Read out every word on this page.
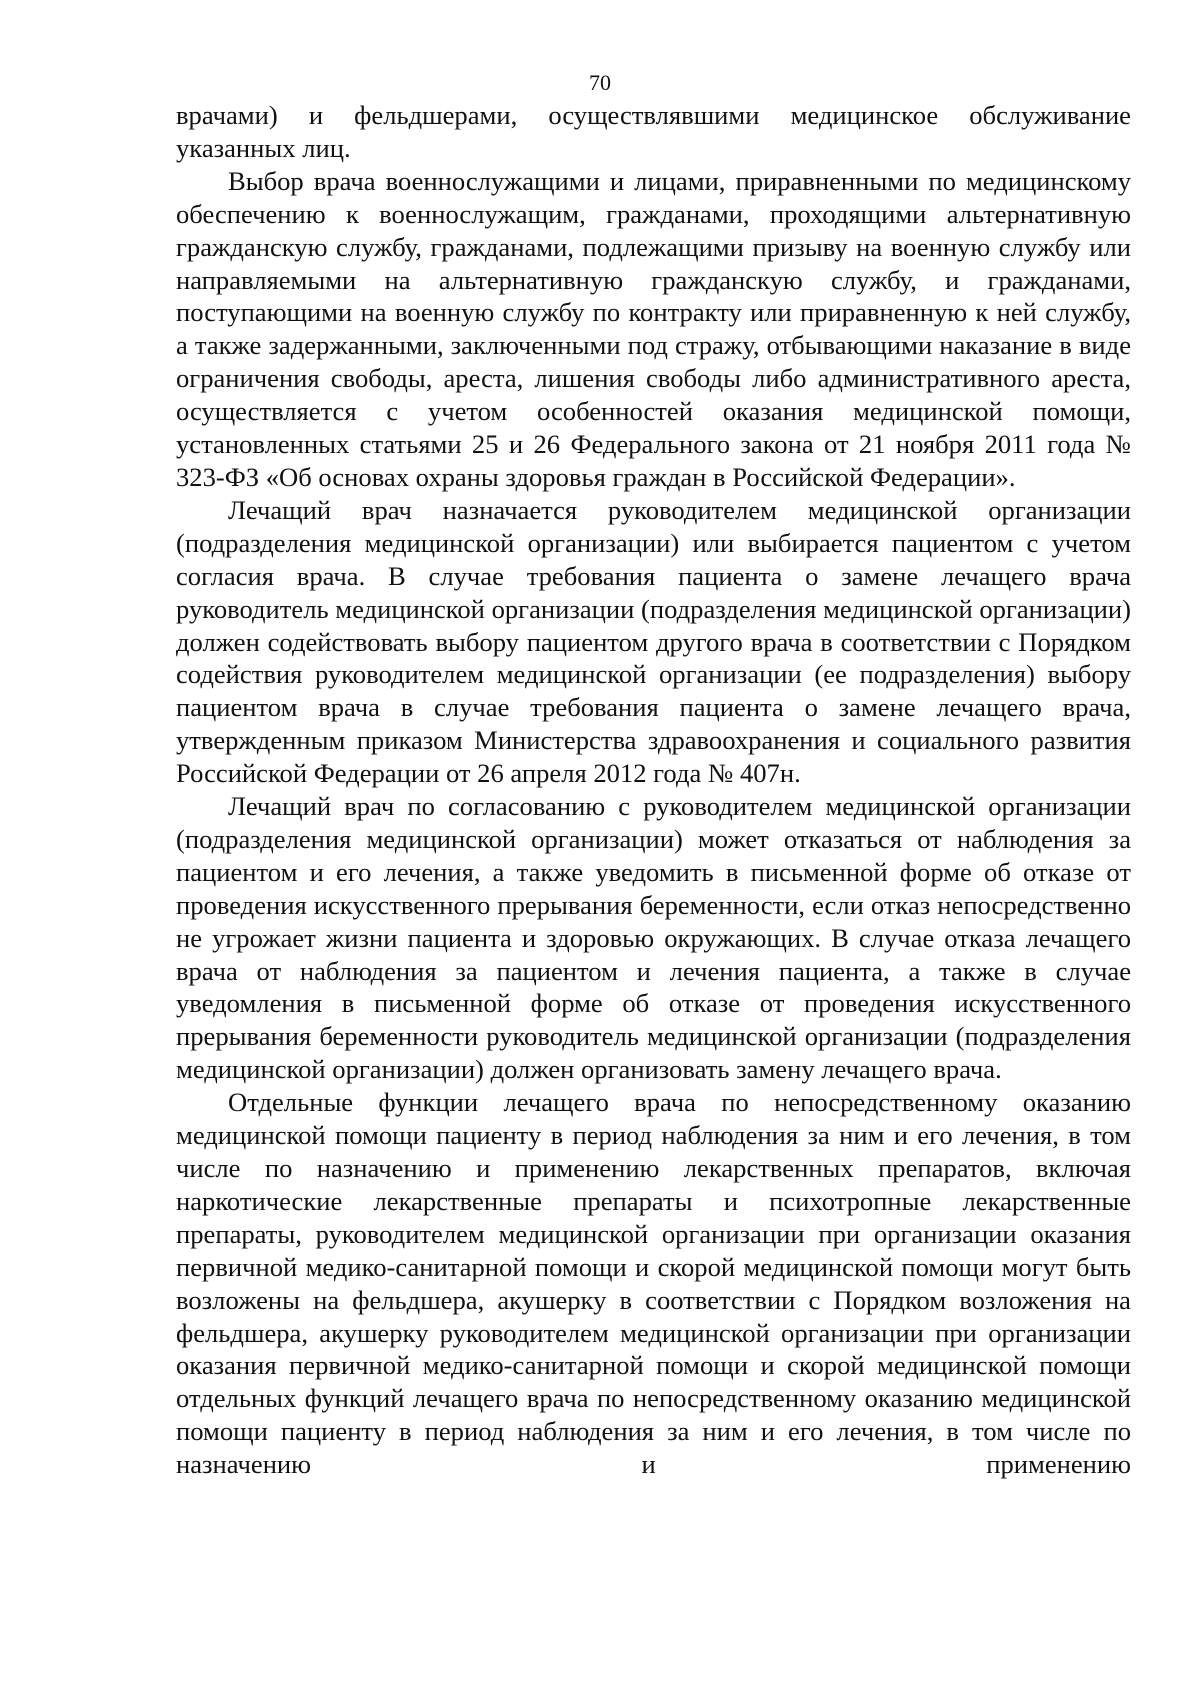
70

врачами) и фельдшерами, осуществлявшими медицинское обслуживание указанных лиц.

Выбор врача военнослужащими и лицами, приравненными по медицинскому обеспечению к военнослужащим, гражданами, проходящими альтернативную гражданскую службу, гражданами, подлежащими призыву на военную службу или направляемыми на альтернативную гражданскую службу, и гражданами, поступающими на военную службу по контракту или приравненную к ней службу, а также задержанными, заключенными под стражу, отбывающими наказание в виде ограничения свободы, ареста, лишения свободы либо административного ареста, осуществляется с учетом особенностей оказания медицинской помощи, установленных статьями 25 и 26 Федерального закона от 21 ноября 2011 года № 323-ФЗ «Об основах охраны здоровья граждан в Российской Федерации».

Лечащий врач назначается руководителем медицинской организации (подразделения медицинской организации) или выбирается пациентом с учетом согласия врача. В случае требования пациента о замене лечащего врача руководитель медицинской организации (подразделения медицинской организации) должен содействовать выбору пациентом другого врача в соответствии с Порядком содействия руководителем медицинской организации (ее подразделения) выбору пациентом врача в случае требования пациента о замене лечащего врача, утвержденным приказом Министерства здравоохранения и социального развития Российской Федерации от 26 апреля 2012 года № 407н.

Лечащий врач по согласованию с руководителем медицинской организации (подразделения медицинской организации) может отказаться от наблюдения за пациентом и его лечения, а также уведомить в письменной форме об отказе от проведения искусственного прерывания беременности, если отказ непосредственно не угрожает жизни пациента и здоровью окружающих. В случае отказа лечащего врача от наблюдения за пациентом и лечения пациента, а также в случае уведомления в письменной форме об отказе от проведения искусственного прерывания беременности руководитель медицинской организации (подразделения медицинской организации) должен организовать замену лечащего врача.

Отдельные функции лечащего врача по непосредственному оказанию медицинской помощи пациенту в период наблюдения за ним и его лечения, в том числе по назначению и применению лекарственных препаратов, включая наркотические лекарственные препараты и психотропные лекарственные препараты, руководителем медицинской организации при организации оказания первичной медико-санитарной помощи и скорой медицинской помощи могут быть возложены на фельдшера, акушерку в соответствии с Порядком возложения на фельдшера, акушерку руководителем медицинской организации при организации оказания первичной медико-санитарной помощи и скорой медицинской помощи отдельных функций лечащего врача по непосредственному оказанию медицинской помощи пациенту в период наблюдения за ним и его лечения, в том числе по назначению и применению
